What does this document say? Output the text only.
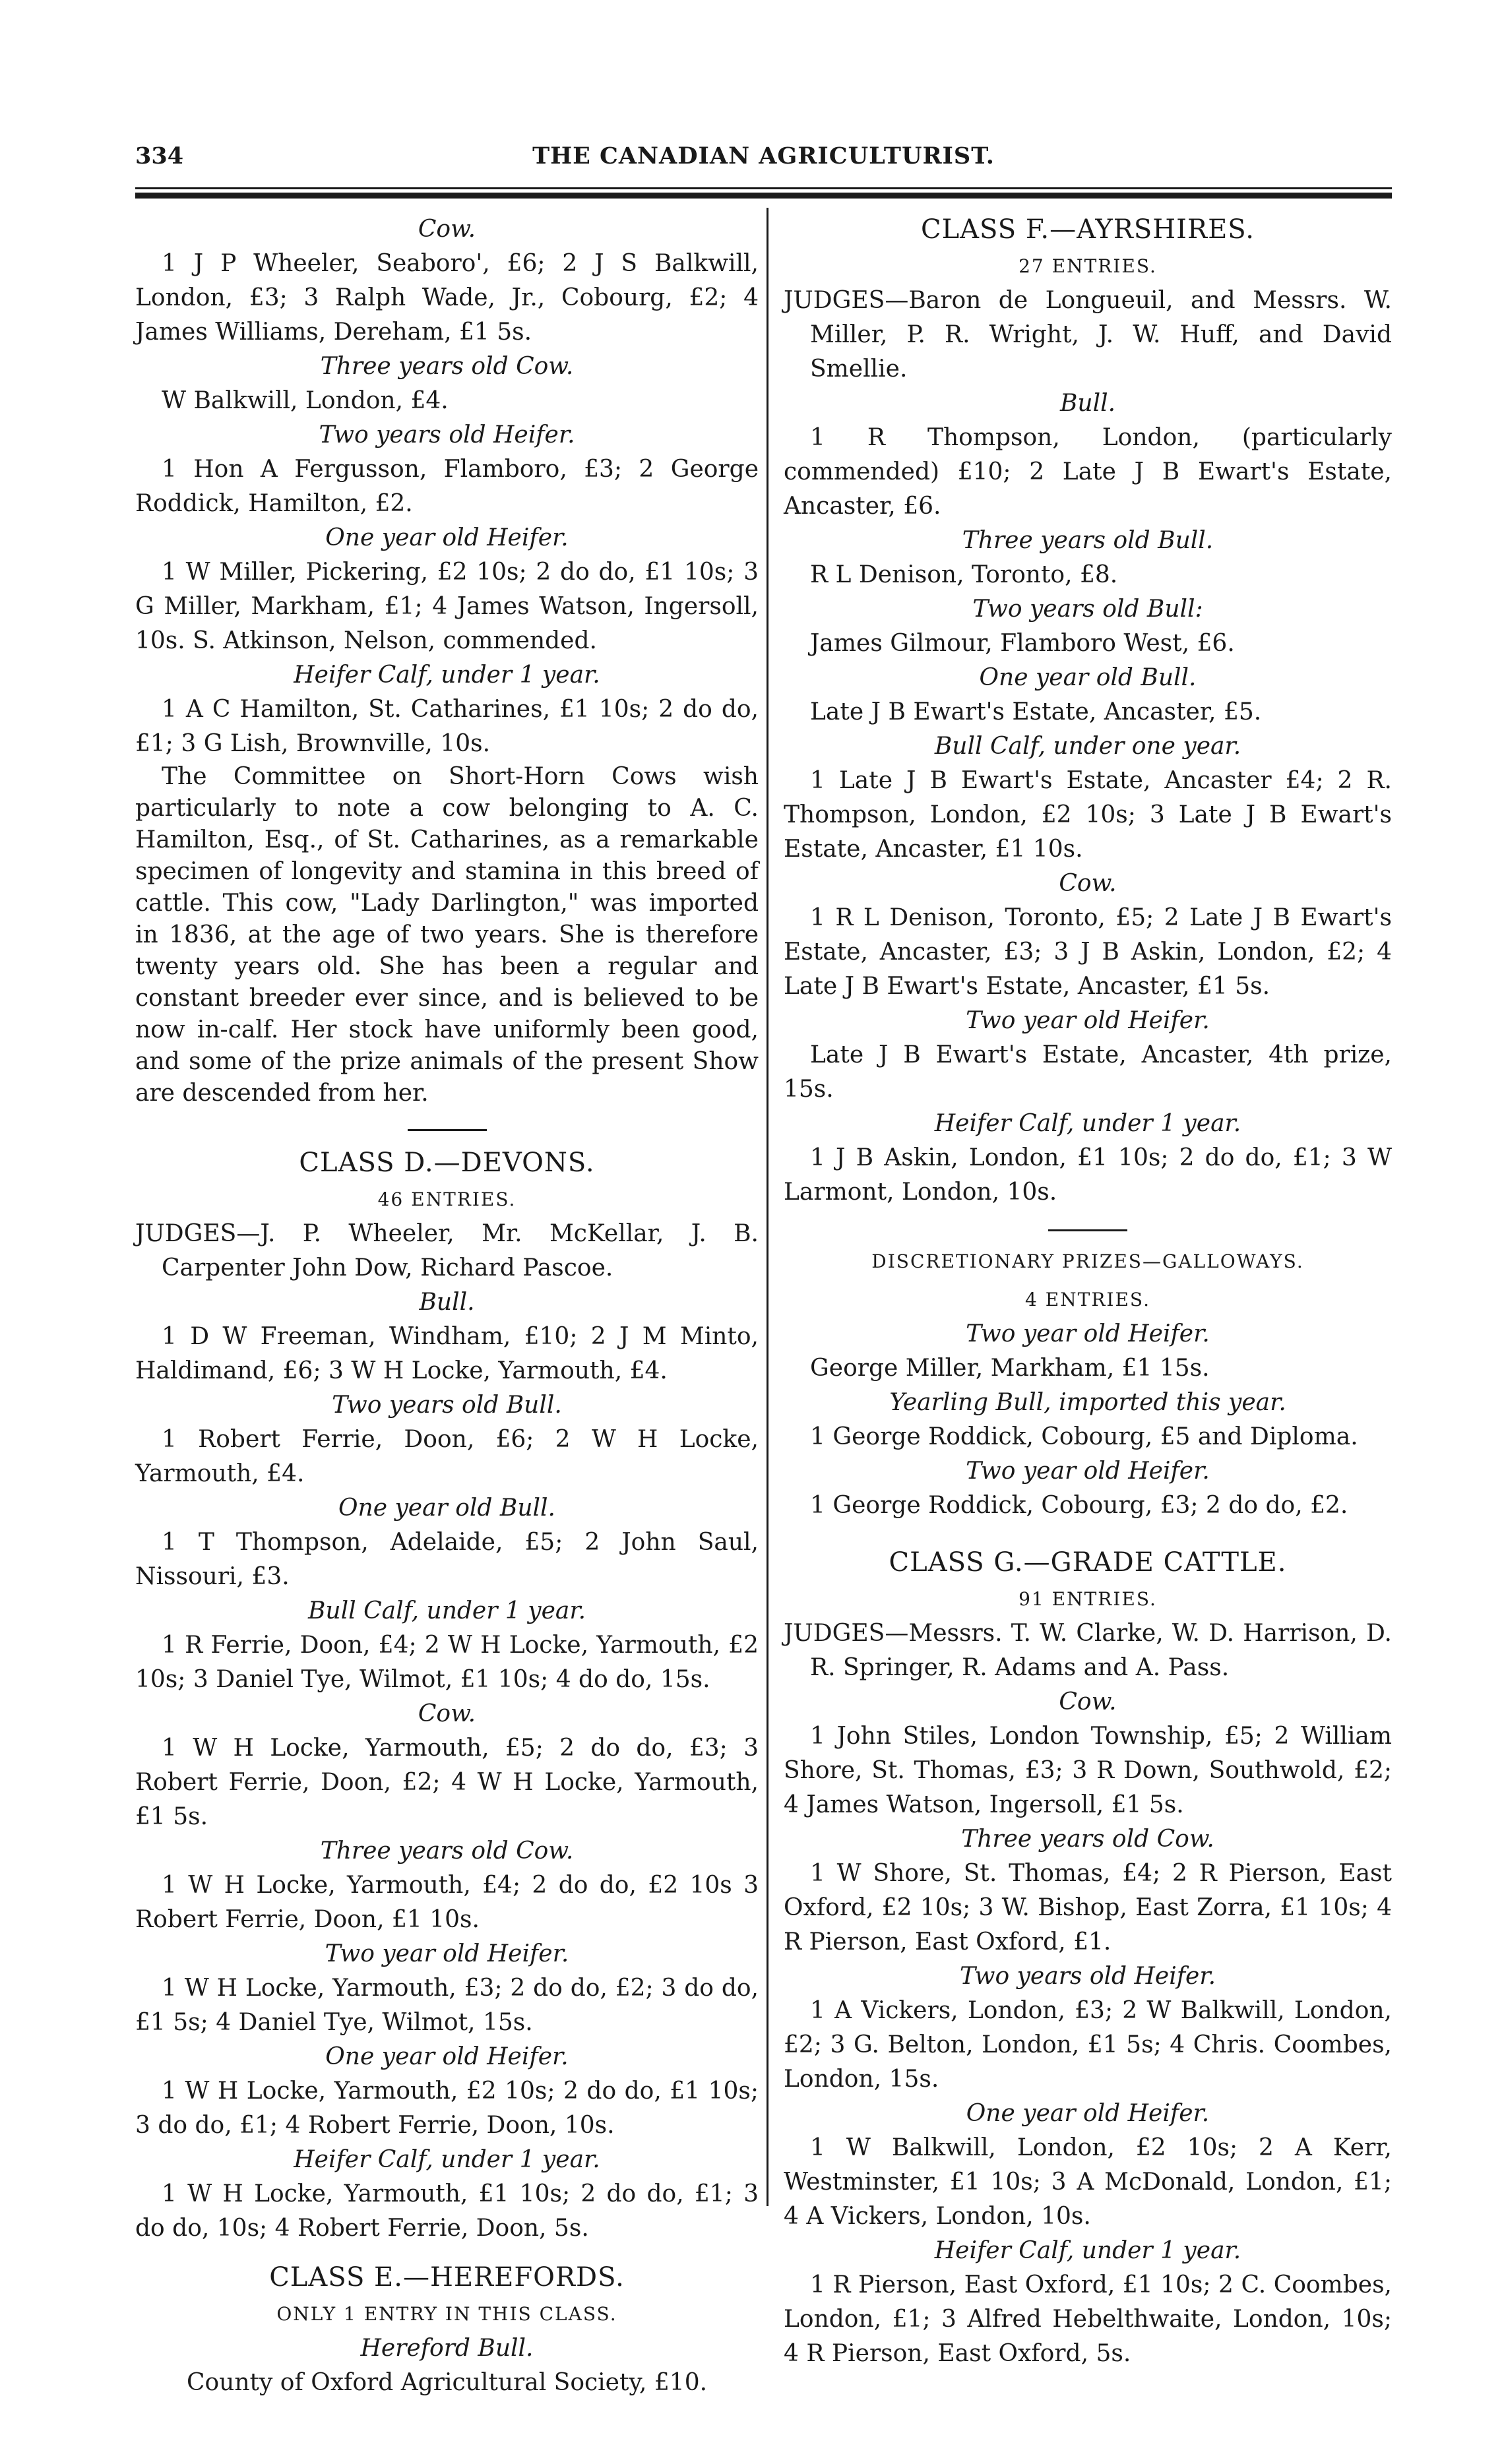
334	THE CANADIAN AGRICULTURIST.

Cow.

1 J P Wheeler, Seaboro', £6; 2 J S Balkwill, London, £3; 3 Ralph Wade, Jr., Cobourg, £2; 4 James Williams, Dereham, £1 5s.

Three years old Cow.

W Balkwill, London, £4.

Two years old Heifer.

1 Hon A Fergusson, Flamboro, £3; 2 George Roddick, Hamilton, £2.

One year old Heifer.

1 W Miller, Pickering, £2 10s; 2 do do, £1 10s; 3 G Miller, Markham, £1; 4 James Watson, Ingersoll, 10s. S. Atkinson, Nelson, commended.

Heifer Calf, under 1 year.

1 A C Hamilton, St. Catharines, £1 10s; 2 do do, £1; 3 G Lish, Brownville, 10s.

The Committee on Short-Horn Cows wish particularly to note a cow belonging to A. C. Hamilton, Esq., of St. Catharines, as a remarkable specimen of longevity and stamina in this breed of cattle. This cow, "Lady Darlington," was imported in 1836, at the age of two years. She is therefore twenty years old. She has been a regular and constant breeder ever since, and is believed to be now in-calf. Her stock have uniformly been good, and some of the prize animals of the present Show are descended from her.

CLASS D.—DEVONS.

46 ENTRIES.

JUDGES—J. P. Wheeler, Mr. McKellar, J. B. Carpenter John Dow, Richard Pascoe.

Bull.

1 D W Freeman, Windham, £10; 2 J M Minto, Haldimand, £6; 3 W H Locke, Yarmouth, £4.

Two years old Bull.

1 Robert Ferrie, Doon, £6; 2 W H Locke, Yarmouth, £4.

One year old Bull.

1 T Thompson, Adelaide, £5; 2 John Saul, Nissouri, £3.

Bull Calf, under 1 year.

1 R Ferrie, Doon, £4; 2 W H Locke, Yarmouth, £2 10s; 3 Daniel Tye, Wilmot, £1 10s; 4 do do, 15s.

Cow.

1 W H Locke, Yarmouth, £5; 2 do do, £3; 3 Robert Ferrie, Doon, £2; 4 W H Locke, Yarmouth, £1 5s.

Three years old Cow.

1 W H Locke, Yarmouth, £4; 2 do do, £2 10s 3 Robert Ferrie, Doon, £1 10s.

Two year old Heifer.

1 W H Locke, Yarmouth, £3; 2 do do, £2; 3 do do, £1 5s; 4 Daniel Tye, Wilmot, 15s.

One year old Heifer.

1 W H Locke, Yarmouth, £2 10s; 2 do do, £1 10s; 3 do do, £1; 4 Robert Ferrie, Doon, 10s.

Heifer Calf, under 1 year.

1 W H Locke, Yarmouth, £1 10s; 2 do do, £1; 3 do do, 10s; 4 Robert Ferrie, Doon, 5s.

CLASS E.—HEREFORDS.

ONLY 1 ENTRY IN THIS CLASS.

Hereford Bull.

County of Oxford Agricultural Society, £10.

CLASS F.—AYRSHIRES.

27 ENTRIES.

JUDGES—Baron de Longueuil, and Messrs. W. Miller, P. R. Wright, J. W. Huff, and David Smellie.

Bull.

1 R Thompson, London, (particularly commended) £10; 2 Late J B Ewart's Estate, Ancaster, £6.

Three years old Bull.

R L Denison, Toronto, £8.

Two years old Bull:

James Gilmour, Flamboro West, £6.

One year old Bull.

Late J B Ewart's Estate, Ancaster, £5.

Bull Calf, under one year.

1 Late J B Ewart's Estate, Ancaster £4; 2 R. Thompson, London, £2 10s; 3 Late J B Ewart's Estate, Ancaster, £1 10s.

Cow.

1 R L Denison, Toronto, £5; 2 Late J B Ewart's Estate, Ancaster, £3; 3 J B Askin, London, £2; 4 Late J B Ewart's Estate, Ancaster, £1 5s.

Two year old Heifer.

Late J B Ewart's Estate, Ancaster, 4th prize, 15s.

Heifer Calf, under 1 year.

1 J B Askin, London, £1 10s; 2 do do, £1; 3 W Larmont, London, 10s.

DISCRETIONARY PRIZES—GALLOWAYS.

4 ENTRIES.

Two year old Heifer.

George Miller, Markham, £1 15s.

Yearling Bull, imported this year.

1 George Roddick, Cobourg, £5 and Diploma.

Two year old Heifer.

1 George Roddick, Cobourg, £3; 2 do do, £2.

CLASS G.—GRADE CATTLE.

91 ENTRIES.

JUDGES—Messrs. T. W. Clarke, W. D. Harrison, D. R. Springer, R. Adams and A. Pass.

Cow.

1 John Stiles, London Township, £5; 2 William Shore, St. Thomas, £3; 3 R Down, Southwold, £2; 4 James Watson, Ingersoll, £1 5s.

Three years old Cow.

1 W Shore, St. Thomas, £4; 2 R Pierson, East Oxford, £2 10s; 3 W. Bishop, East Zorra, £1 10s; 4 R Pierson, East Oxford, £1.

Two years old Heifer.

1 A Vickers, London, £3; 2 W Balkwill, London, £2; 3 G. Belton, London, £1 5s; 4 Chris. Coombes, London, 15s.

One year old Heifer.

1 W Balkwill, London, £2 10s; 2 A Kerr, Westminster, £1 10s; 3 A McDonald, London, £1; 4 A Vickers, London, 10s.

Heifer Calf, under 1 year.

1 R Pierson, East Oxford, £1 10s; 2 C. Coombes, London, £1; 3 Alfred Hebelthwaite, London, 10s; 4 R Pierson, East Oxford, 5s.
